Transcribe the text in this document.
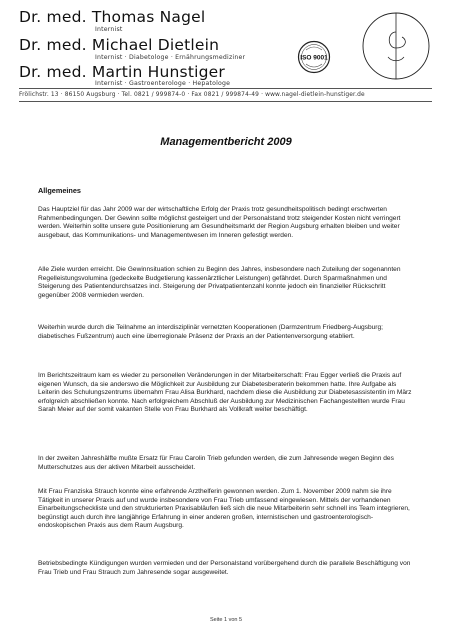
Dr. med. Thomas Nagel
Internist
Dr. med. Michael Dietlein
Internist · Diabetologe · Ernährungsmediziner
Dr. med. Martin Hunstiger
Internist · Gastroenterologe · Hepatologe
ISO 9001
Frölichstr. 13 · 86150 Augsburg · Tel. 0821 / 999874-0 · Fax 0821 / 999874-49 · www.nagel-dietlein-hunstiger.de
Managementbericht 2009
Allgemeines

Das Hauptziel für das Jahr 2009 war der wirtschaftliche Erfolg der Praxis trotz gesundheitspolitisch bedingt erschwerten Rahmenbedingungen. Der Gewinn sollte möglichst gesteigert und der Personalstand trotz steigender Kosten nicht verringert werden. Weiterhin sollte unsere gute Positionierung am Gesundheitsmarkt der Region Augsburg erhalten bleiben und weiter ausgebaut, das Kommunikations- und Managementwesen im Inneren gefestigt werden.

Alle Ziele wurden erreicht. Die Gewinnsituation schien zu Beginn des Jahres, insbesondere nach Zuteilung der sogenannten Regelleistungsvolumina (gedeckelte Budgetierung kassenärztlicher Leistungen) gefährdet. Durch Sparmaßnahmen und Steigerung des Patientendurchsatzes incl. Steigerung der Privatpatientenzahl konnte jedoch ein finanzieller Rückschritt gegenüber 2008 vermieden werden.

Weiterhin wurde durch die Teilnahme an interdisziplinär vernetzten Kooperationen (Darmzentrum Friedberg-Augsburg; diabetisches Fußzentrum) auch eine überregionale Präsenz der Praxis an der Patientenversorgung etabliert.

Im Berichtszeitraum kam es wieder zu personellen Veränderungen in der Mitarbeiterschaft: Frau Egger verließ die Praxis auf eigenen Wunsch, da sie anderswo die Möglichkeit zur Ausbildung zur Diabetesberaterin bekommen hatte. Ihre Aufgabe als Leiterin des Schulungszentrums übernahm Frau Alisa Burkhard, nachdem diese die Ausbildung zur Diabetesassistentin im März erfolgreich abschließen konnte. Nach erfolgreichem Abschluß der Ausbildung zur Medizinischen Fachangestellten wurde Frau Sarah Meier auf der somit vakanten Stelle von Frau Burkhard als Vollkraft weiter beschäftigt.

In der zweiten Jahreshälfte mußte Ersatz für Frau Carolin Trieb gefunden werden, die zum Jahresende wegen Beginn des Mutterschutzes aus der aktiven Mitarbeit ausscheidet.

Mit Frau Franziska Strauch konnte eine erfahrende Arzthelferin gewonnen werden. Zum 1. November 2009 nahm sie ihre Tätigkeit in unserer Praxis auf und wurde insbesondere von Frau Trieb umfassend eingewiesen. Mittels der vorhandenen Einarbeitungscheckliste und den strukturierten Praxisabläufen ließ sich die neue Mitarbeiterin sehr schnell ins Team integrieren, begünstigt auch durch ihre langjährige Erfahrung in einer anderen großen, internistischen und gastroenterologisch-endoskopischen Praxis aus dem Raum Augsburg.

Betriebsbedingte Kündigungen wurden vermieden und der Personalstand vorübergehend durch die parallele Beschäftigung von Frau Trieb und Frau Strauch zum Jahresende sogar ausgeweitet.

Seite 1 von 5
